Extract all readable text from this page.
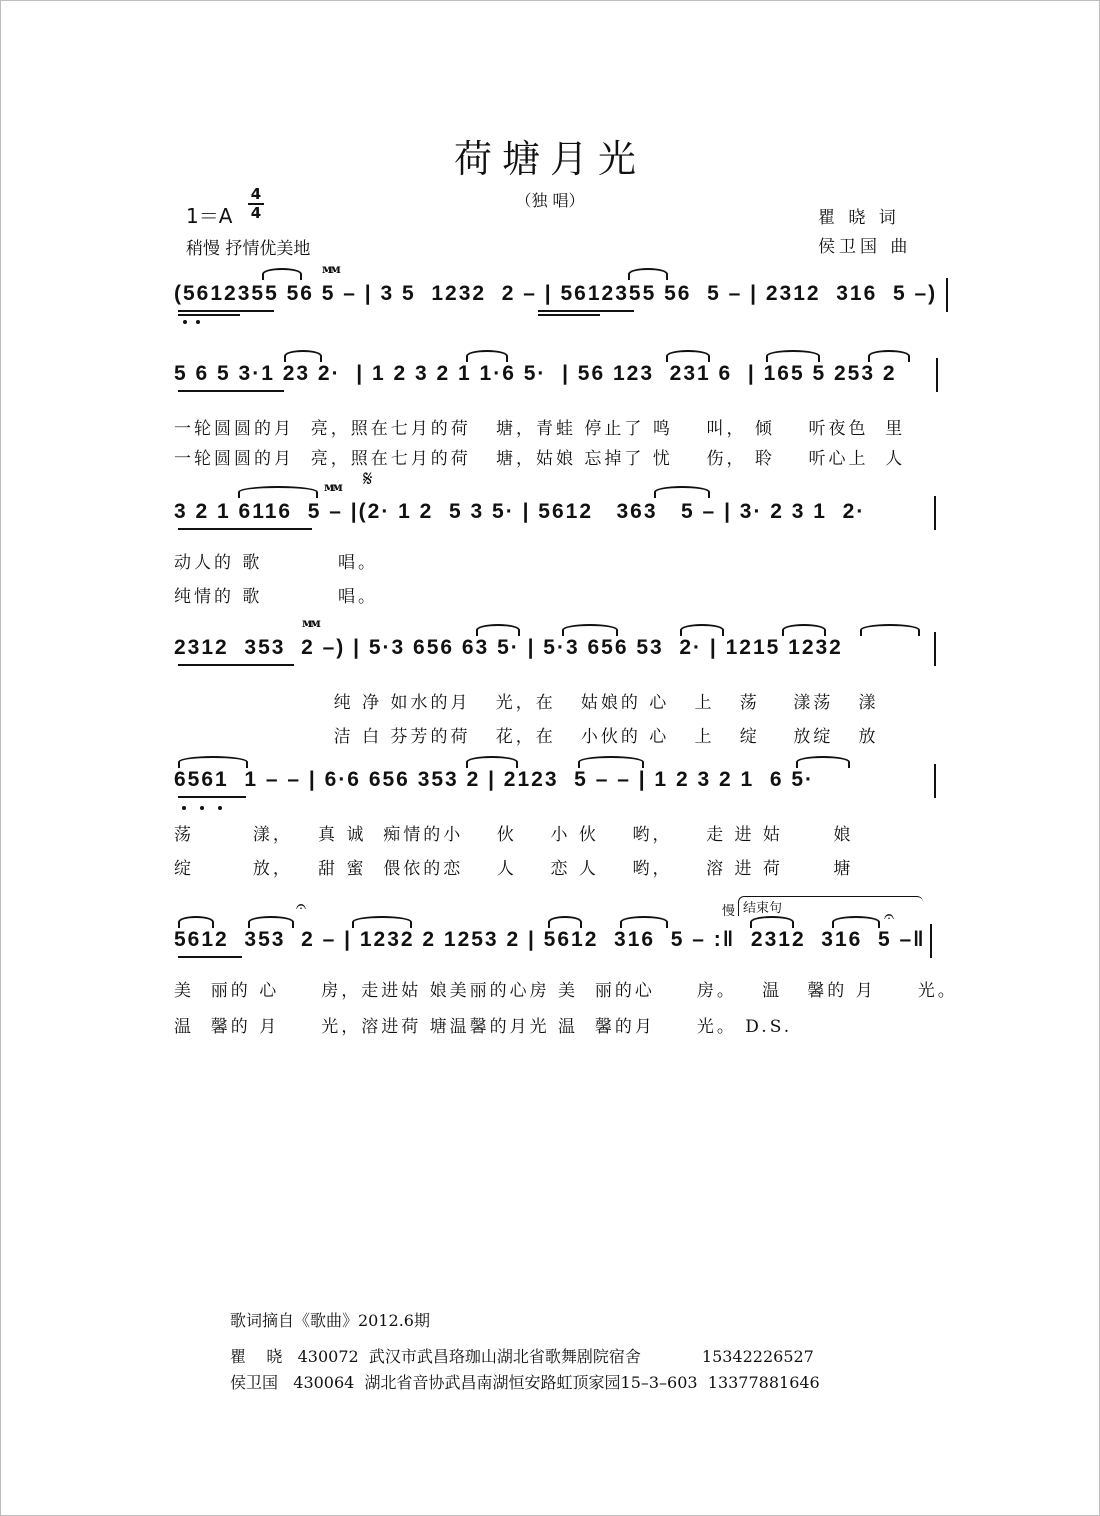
荷塘月光
（独 唱）
1＝A
4
4
稍慢 抒情优美地
瞿 晓 词
侯卫国 曲
(5612355 56 5 – | 3 5  1232  2 – | 5612355 56  5 – | 2312  316  5 –)
ᴍᴍ
5 6 5 3·1 23 2·  | 1 2 3 2 1 1·6 5·  | 56 123  231 6  | 165 5 253 2
一轮圆圆的月  亮，照在七月的荷   塘，青蛙 停止了 鸣    叫， 倾    听夜色  里
一轮圆圆的月  亮，照在七月的荷   塘，姑娘 忘掉了 忧    伤， 聆    听心上  人
ᴍᴍ 𝄋
3 2 1 6116  5 – |(2· 1 2  5 3 5· | 5612   363   5 – | 3· 2 3 1  2·
动人的 歌         唱。
纯情的 歌         唱。
ᴍᴍ
2312  353  2 –) | 5·3 656 63 5· | 5·3 656 53  2· | 1215 1232
纯 净 如水的月   光，在   姑娘的 心   上   荡    漾荡   漾
洁 白 芬芳的荷   花，在   小伙的 心   上   绽    放绽   放
6561  1 – – | 6·6 656 353 2 | 2123  5 – – | 1 2 3 2 1  6 5·
荡       漾，   真 诚  痴情的小    伙    小 伙    哟，    走 进 姑      娘
绽       放，   甜 蜜  偎依的恋    人    恋 人    哟，    溶 进 荷      塘
𝄐	慢 结束句	𝄐
5612  353  2 – | 1232 2 1253 2 | 5612  316  5 – :‖  2312  316  5 –‖
美  丽的 心     房，走进姑 娘美丽的心房 美  丽的心     房。   温   馨的 月     光。
温  馨的 月     光，溶进荷 塘温馨的月光 温  馨的月     光。 D.S.
歌词摘自《歌曲》2012.6期
瞿    晓   430072  武汉市武昌珞珈山湖北省歌舞剧院宿舍            15342226527
侯卫国   430064  湖北省音协武昌南湖恒安路虹顶家园15–3–603  13377881646
